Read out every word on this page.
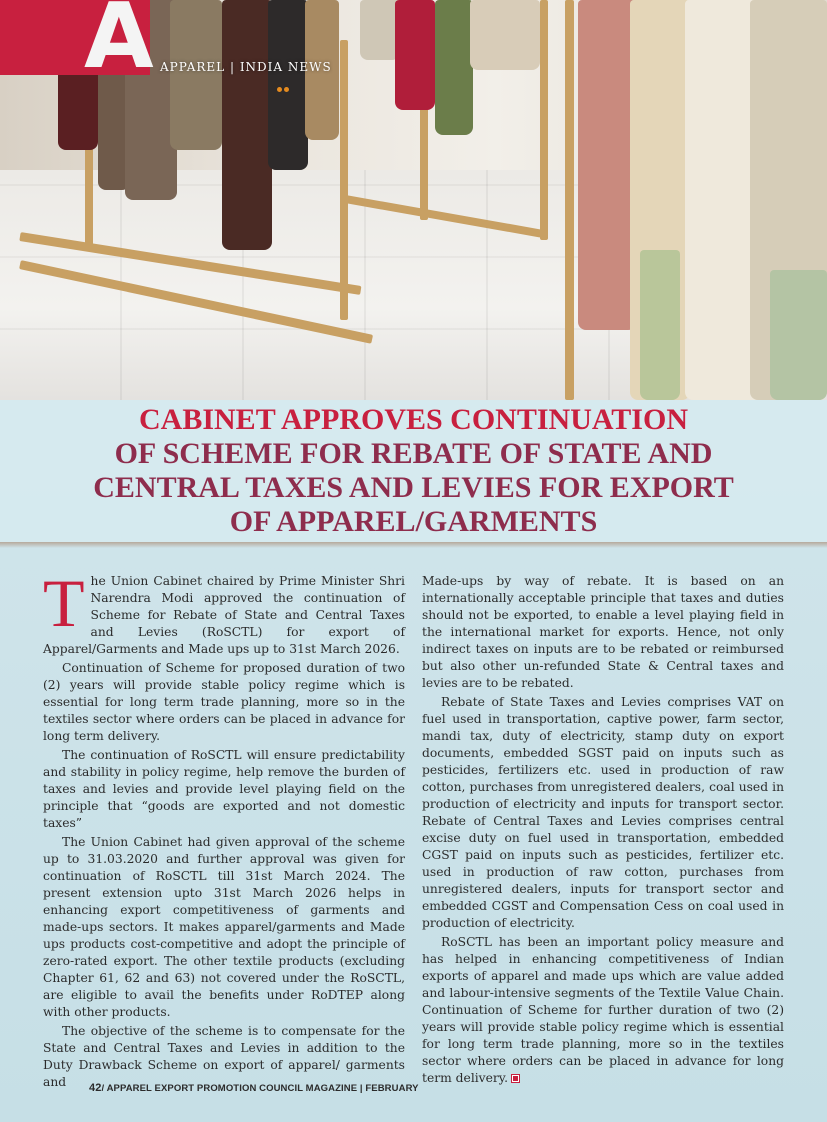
A APPAREL | INDIA NEWS
CABINET APPROVES CONTINUATION
OF SCHEME FOR REBATE OF STATE AND
CENTRAL TAXES AND LEVIES FOR EXPORT
OF APPAREL/GARMENTS

The Union Cabinet chaired by Prime Minister Shri Narendra Modi approved the continuation of Scheme for Rebate of State and Central Taxes and Levies (RoSCTL) for export of Apparel/Garments and Made ups up to 31st March 2026.

Continuation of Scheme for proposed duration of two (2) years will provide stable policy regime which is essential for long term trade planning, more so in the textiles sector where orders can be placed in advance for long term delivery.

The continuation of RoSCTL will ensure predictability and stability in policy regime, help remove the burden of taxes and levies and provide level playing field on the principle that “goods are exported and not domestic taxes”

The Union Cabinet had given approval of the scheme up to 31.03.2020 and further approval was given for continuation of RoSCTL till 31st March 2024. The present extension upto 31st March 2026 helps in enhancing export competitiveness of garments and made-ups sectors. It makes apparel/garments and Made ups products cost-competitive and adopt the principle of zero-rated export. The other textile products (excluding Chapter 61, 62 and 63) not covered under the RoSCTL, are eligible to avail the benefits under RoDTEP along with other products.

The objective of the scheme is to compensate for the State and Central Taxes and Levies in addition to the Duty Drawback Scheme on export of apparel/ garments and

Made-ups by way of rebate. It is based on an internationally acceptable principle that taxes and duties should not be exported, to enable a level playing field in the international market for exports. Hence, not only indirect taxes on inputs are to be rebated or reimbursed but also other un-refunded State & Central taxes and levies are to be rebated.

Rebate of State Taxes and Levies comprises VAT on fuel used in transportation, captive power, farm sector, mandi tax, duty of electricity, stamp duty on export documents, embedded SGST paid on inputs such as pesticides, fertilizers etc. used in production of raw cotton, purchases from unregistered dealers, coal used in production of electricity and inputs for transport sector. Rebate of Central Taxes and Levies comprises central excise duty on fuel used in transportation, embedded CGST paid on inputs such as pesticides, fertilizer etc. used in production of raw cotton, purchases from unregistered dealers, inputs for transport sector and embedded CGST and Compensation Cess on coal used in production of electricity.

RoSCTL has been an important policy measure and has helped in enhancing competitiveness of Indian exports of apparel and made ups which are value added and labour-intensive segments of the Textile Value Chain. Continuation of Scheme for further duration of two (2) years will provide stable policy regime which is essential for long term trade planning, more so in the textiles sector where orders can be placed in advance for long term delivery.

42/ APPAREL EXPORT PROMOTION COUNCIL MAGAZINE | FEBRUARY
